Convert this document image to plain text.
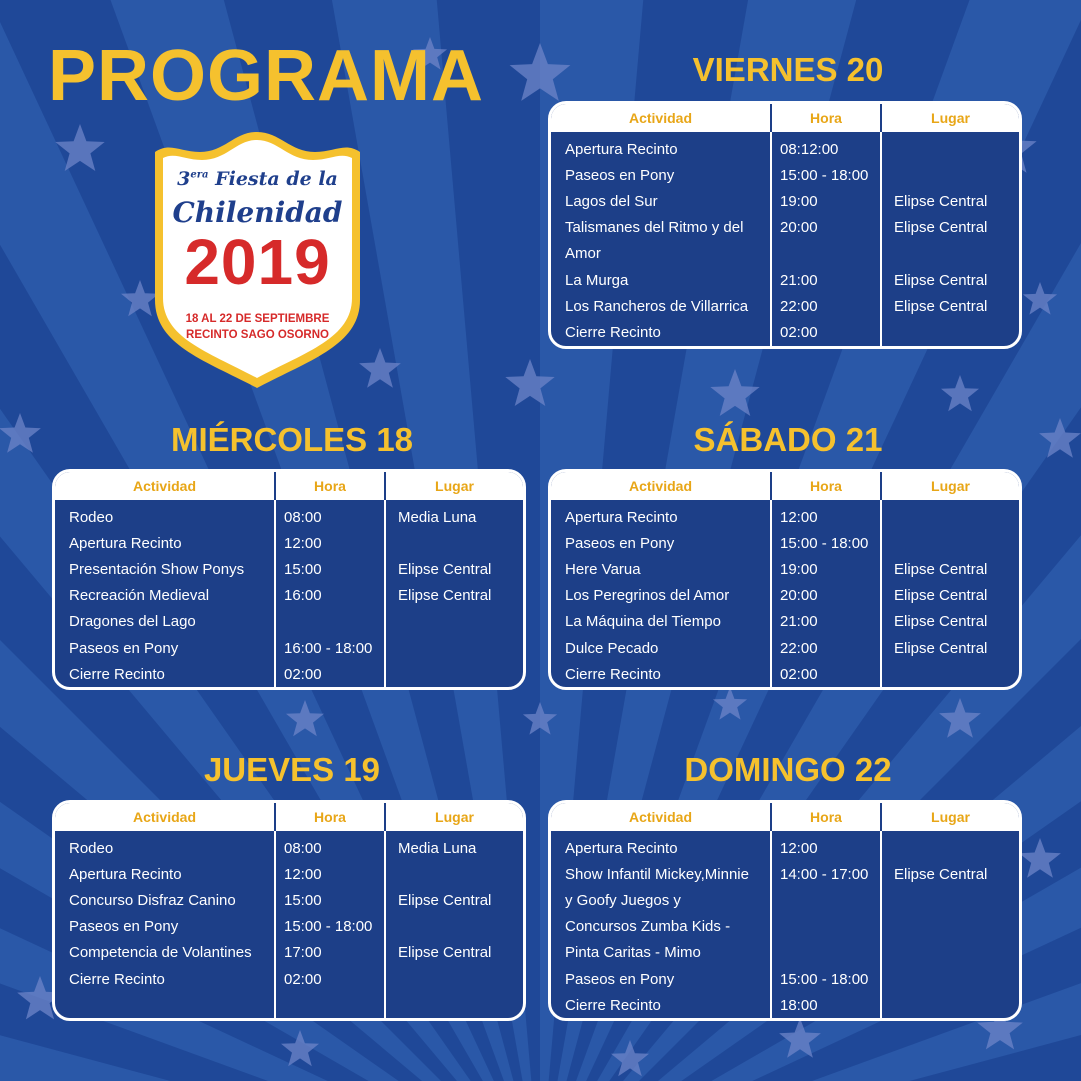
PROGRAMA
$3^{era}$ Fiesta de la
Chilenidad
2019
18 AL 22 DE SEPTIEMBRE
RECINTO SAGO OSORNO
VIERNES 20
Actividad	Hora	Lugar
Apertura Recinto	08:12:00	
Paseos en Pony	15:00 - 18:00	
Lagos del Sur	19:00	Elipse Central
Talismanes del Ritmo y del	20:00	Elipse Central
Amor		
La Murga	21:00	Elipse Central
Los Rancheros de Villarrica	22:00	Elipse Central
Cierre Recinto	02:00	
MIÉRCOLES 18
Actividad	Hora	Lugar
Rodeo	08:00	Media Luna
Apertura Recinto	12:00	
Presentación Show Ponys	15:00	Elipse Central
Recreación Medieval	16:00	Elipse Central
Dragones del Lago		
Paseos en Pony	16:00 - 18:00	
Cierre Recinto	02:00	
SÁBADO 21
Actividad	Hora	Lugar
Apertura Recinto	12:00	
Paseos en Pony	15:00 - 18:00	
Here Varua	19:00	Elipse Central
Los Peregrinos del Amor	20:00	Elipse Central
La Máquina del Tiempo	21:00	Elipse Central
Dulce Pecado	22:00	Elipse Central
Cierre Recinto	02:00	
JUEVES 19
Actividad	Hora	Lugar
Rodeo	08:00	Media Luna
Apertura Recinto	12:00	
Concurso Disfraz Canino	15:00	Elipse Central
Paseos en Pony	15:00 - 18:00	
Competencia de Volantines	17:00	Elipse Central
Cierre Recinto	02:00	

DOMINGO 22
Actividad	Hora	Lugar
Apertura Recinto	12:00	
Show Infantil Mickey,Minnie	14:00 - 17:00	Elipse Central
y Goofy Juegos y		
Concursos Zumba Kids -		
Pinta Caritas - Mimo		
Paseos en Pony	15:00 - 18:00	
Cierre Recinto	18:00	
